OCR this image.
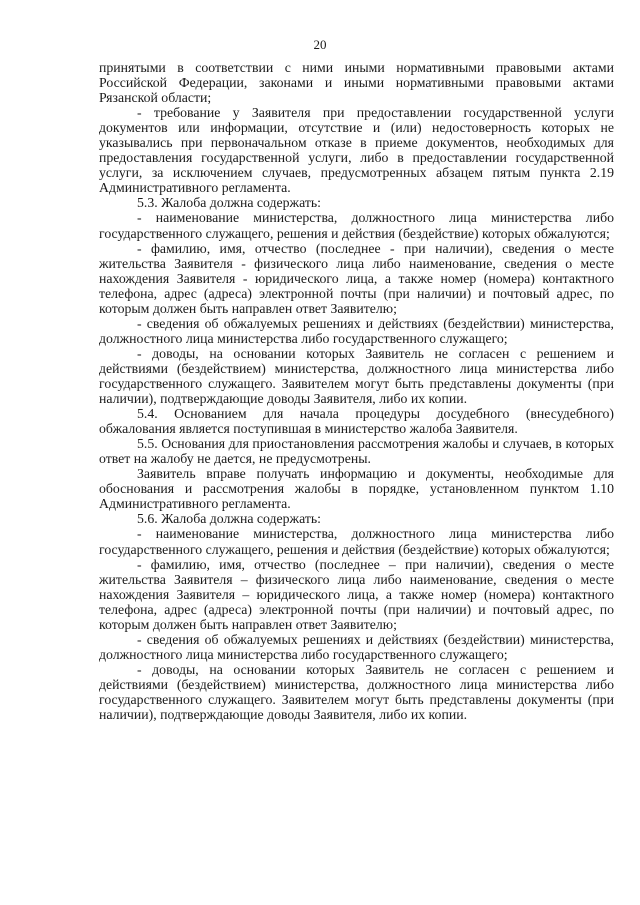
20

принятыми в соответствии с ними иными нормативными правовыми актами Российской Федерации, законами и иными нормативными правовыми актами Рязанской области;

- требование у Заявителя при предоставлении государственной услуги документов или информации, отсутствие и (или) недостоверность которых не указывались при первоначальном отказе в приеме документов, необходимых для предоставления государственной услуги, либо в предоставлении государственной услуги, за исключением случаев, предусмотренных абзацем пятым пункта 2.19 Административного регламента.

5.3. Жалоба должна содержать:

- наименование министерства, должностного лица министерства либо государственного служащего, решения и действия (бездействие) которых обжалуются;

- фамилию, имя, отчество (последнее - при наличии), сведения о месте жительства Заявителя - физического лица либо наименование, сведения о месте нахождения Заявителя - юридического лица, а также номер (номера) контактного телефона, адрес (адреса) электронной почты (при наличии) и почтовый адрес, по которым должен быть направлен ответ Заявителю;

- сведения об обжалуемых решениях и действиях (бездействии) министерства, должностного лица министерства либо государственного служащего;

- доводы, на основании которых Заявитель не согласен с решением и действиями (бездействием) министерства, должностного лица министерства либо государственного служащего. Заявителем могут быть представлены документы (при наличии), подтверждающие доводы Заявителя, либо их копии.

5.4. Основанием для начала процедуры досудебного (внесудебного) обжалования является поступившая в министерство жалоба Заявителя.

5.5. Основания для приостановления рассмотрения жалобы и случаев, в которых ответ на жалобу не дается, не предусмотрены.

Заявитель вправе получать информацию и документы, необходимые для обоснования и рассмотрения жалобы в порядке, установленном пунктом 1.10 Административного регламента.

5.6. Жалоба должна содержать:

- наименование министерства, должностного лица министерства либо государственного служащего, решения и действия (бездействие) которых обжалуются;

- фамилию, имя, отчество (последнее – при наличии), сведения о месте жительства Заявителя – физического лица либо наименование, сведения о месте нахождения Заявителя – юридического лица, а также номер (номера) контактного телефона, адрес (адреса) электронной почты (при наличии) и почтовый адрес, по которым должен быть направлен ответ Заявителю;

- сведения об обжалуемых решениях и действиях (бездействии) министерства, должностного лица министерства либо государственного служащего;

- доводы, на основании которых Заявитель не согласен с решением и действиями (бездействием) министерства, должностного лица министерства либо государственного служащего. Заявителем могут быть представлены документы (при наличии), подтверждающие доводы Заявителя, либо их копии.
